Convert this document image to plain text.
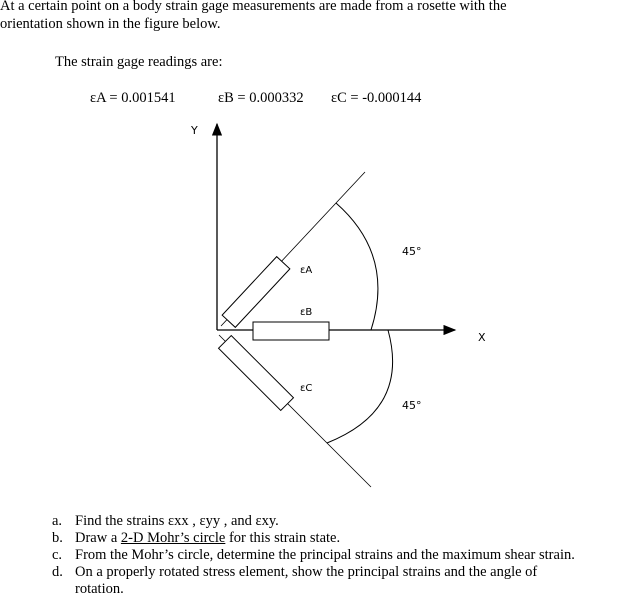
At a certain point on a body strain gage measurements are made from a rosette with the
orientation shown in the figure below.
The strain gage readings are:
εA = 0.001541	εB = 0.000332 εC = -0.000144
Y
X
εA
εB
εC
45°
45°
a. Find the strains εxx , εyy , and εxy.
b. Draw a 2-D Mohr’s circle for this strain state.
c. From the Mohr’s circle, determine the principal strains and the maximum shear strain.
d. On a properly rotated stress element, show the principal strains and the angle of
rotation.
